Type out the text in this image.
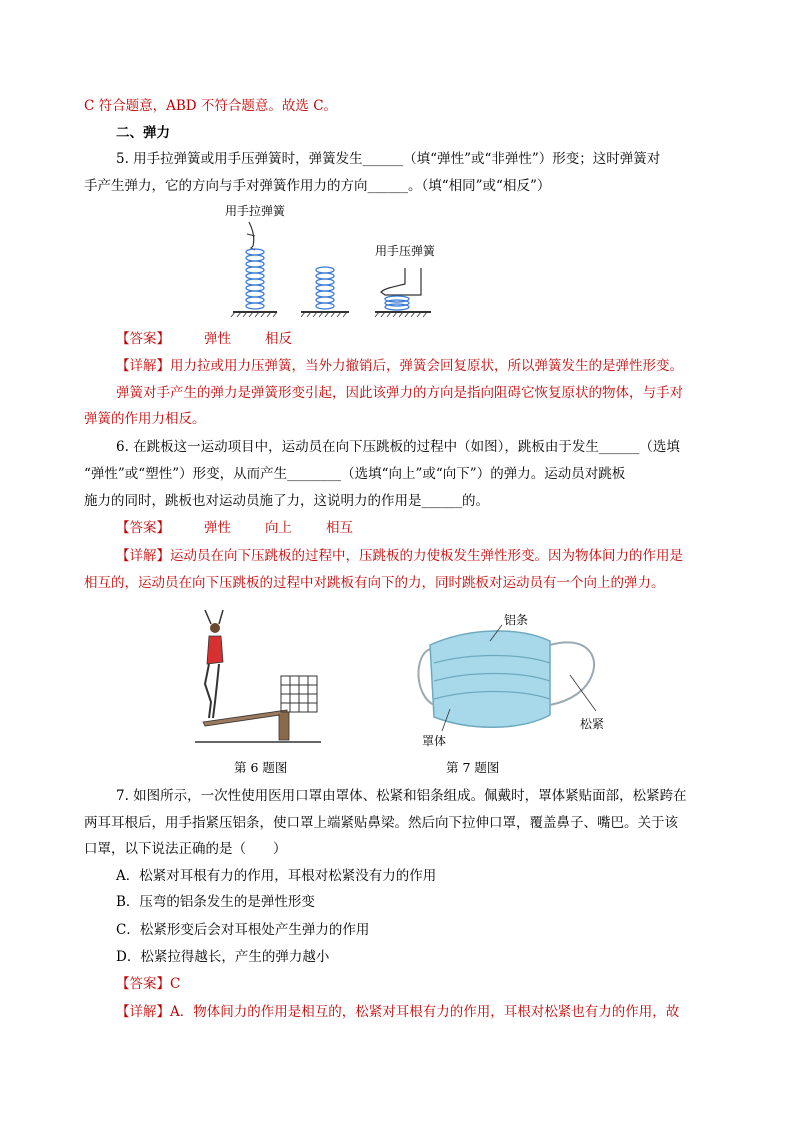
C 符合题意，ABD 不符合题意。故选 C。
二、弹力
5. 用手拉弹簧或用手压弹簧时，弹簧发生______（填“弹性”或“非弹性”）形变；这时弹簧对
手产生弹力，它的方向与手对弹簧作用力的方向______。（填“相同”或“相反”）
用手拉弹簧
用手压弹簧
【答案】	弹性	相反
【详解】用力拉或用力压弹簧，当外力撤销后，弹簧会回复原状，所以弹簧发生的是弹性形变。
弹簧对手产生的弹力是弹簧形变引起，因此该弹力的方向是指向阻碍它恢复原状的物体，与手对
弹簧的作用力相反。
6. 在跳板这一运动项目中，运动员在向下压跳板的过程中（如图），跳板由于发生______（选填
“弹性”或“塑性”）形变，从而产生________（选填“向上”或“向下”）的弹力。运动员对跳板
施力的同时，跳板也对运动员施了力，这说明力的作用是______的。
【答案】	弹性	向上	相互
【详解】运动员在向下压跳板的过程中，压跳板的力使板发生弹性形变。因为物体间力的作用是
相互的，运动员在向下压跳板的过程中对跳板有向下的力，同时跳板对运动员有一个向上的弹力。
铝条
松紧
罩体
第 6 题图	第 7 题图
7. 如图所示，一次性使用医用口罩由罩体、松紧和铝条组成。佩戴时，罩体紧贴面部，松紧跨在
两耳耳根后，用手指紧压铝条，使口罩上端紧贴鼻梁。然后向下拉伸口罩，覆盖鼻子、嘴巴。关于该
口罩，以下说法正确的是（　　）
A．松紧对耳根有力的作用，耳根对松紧没有力的作用
B．压弯的铝条发生的是弹性形变
C．松紧形变后会对耳根处产生弹力的作用
D．松紧拉得越长，产生的弹力越小
【答案】C
【详解】A．物体间力的作用是相互的，松紧对耳根有力的作用，耳根对松紧也有力的作用，故
